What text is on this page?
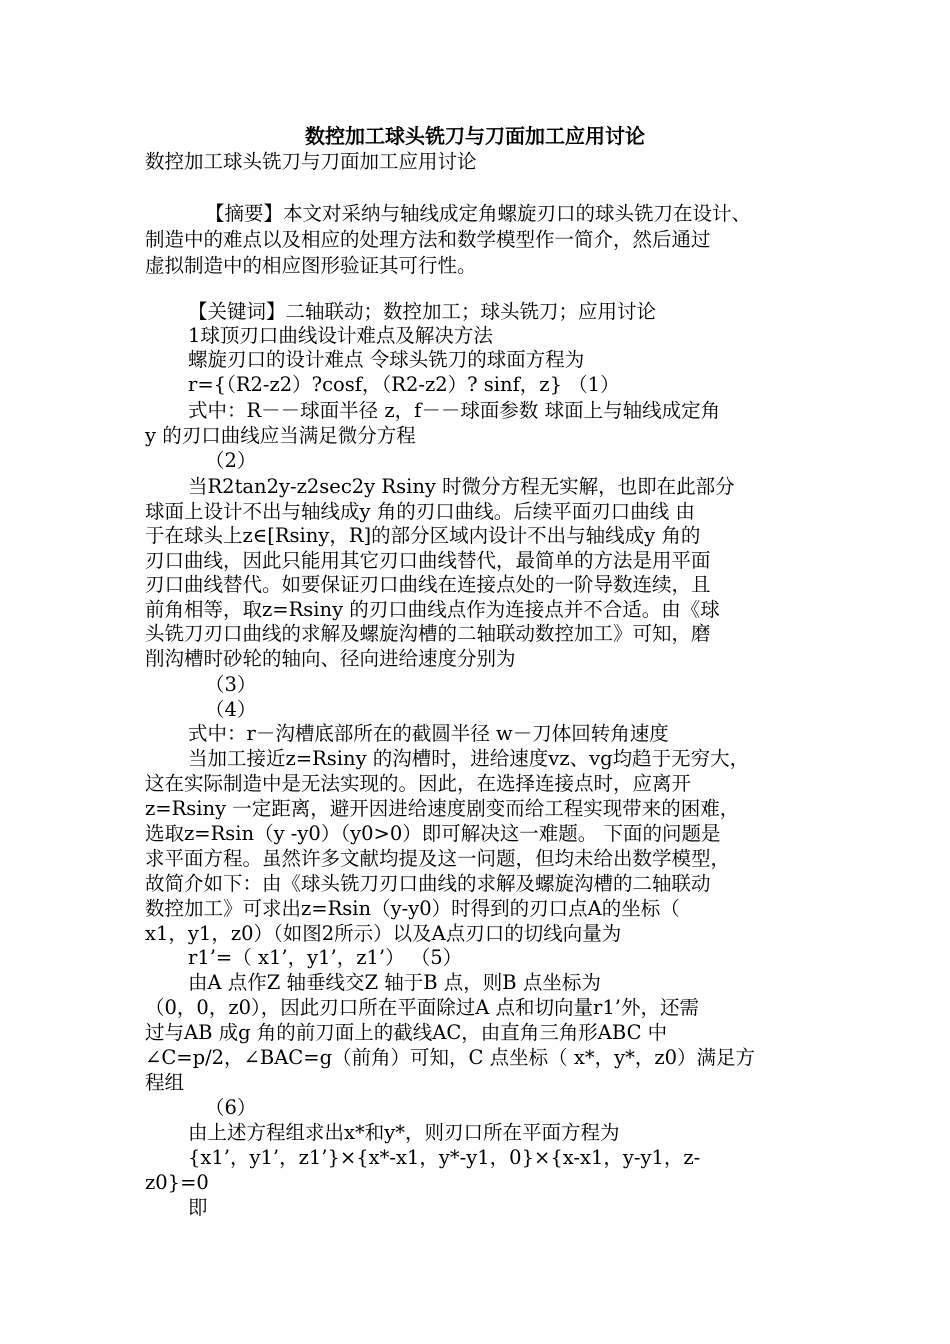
数控加工球头铣刀与刀面加工应用讨论
数控加工球头铣刀与刀面加工应用讨论
【摘要】本文对采纳与轴线成定角螺旋刃口的球头铣刀在设计、
制造中的难点以及相应的处理方法和数学模型作一简介，然后通过
虚拟制造中的相应图形验证其可行性。
【关键词】二轴联动；数控加工；球头铣刀；应用讨论
1球顶刃口曲线设计难点及解决方法
螺旋刃口的设计难点 令球头铣刀的球面方程为
r={（R2-z2）?cosf，（R2-z2）? sinf，z} （1）
式中：R－－球面半径 z，f－－球面参数 球面上与轴线成定角
y 的刃口曲线应当满足微分方程
（2）
当R2tan2y-z2sec2y Rsiny 时微分方程无实解，也即在此部分
球面上设计不出与轴线成y 角的刃口曲线。后续平面刃口曲线 由
于在球头上z∈[Rsiny，R]的部分区域内设计不出与轴线成y 角的
刃口曲线，因此只能用其它刃口曲线替代，最简单的方法是用平面
刃口曲线替代。如要保证刃口曲线在连接点处的一阶导数连续，且
前角相等，取z=Rsiny 的刃口曲线点作为连接点并不合适。由《球
头铣刀刃口曲线的求解及螺旋沟槽的二轴联动数控加工》可知，磨
削沟槽时砂轮的轴向、径向进给速度分别为
（3）
（4）
式中：r－沟槽底部所在的截圆半径 w－刀体回转角速度
当加工接近z=Rsiny 的沟槽时，进给速度vz、vg均趋于无穷大，
这在实际制造中是无法实现的。因此，在选择连接点时，应离开
z=Rsiny 一定距离，避开因进给速度剧变而给工程实现带来的困难，
选取z=Rsin（y -y0）（y0>0）即可解决这一难题。 下面的问题是
求平面方程。虽然许多文献均提及这一问题，但均未给出数学模型，
故简介如下：由《球头铣刀刃口曲线的求解及螺旋沟槽的二轴联动
数控加工》可求出z=Rsin（y-y0）时得到的刃口点A的坐标（
x1，y1，z0）（如图2所示）以及A点刃口的切线向量为
r1’=（ x1’，y1’，z1’） （5）
由A 点作Z 轴垂线交Z 轴于B 点，则B 点坐标为
（0，0，z0），因此刃口所在平面除过A 点和切向量r1’外，还需
过与AB 成g 角的前刀面上的截线AC，由直角三角形ABC 中
∠C=p/2，∠BAC=g（前角）可知，C 点坐标（ x*，y*，z0）满足方
程组
（6）
由上述方程组求出x*和y*，则刃口所在平面方程为
{x1’，y1’，z1’}×{x*-x1，y*-y1，0}×{x-x1，y-y1，z-
z0}=0
即
